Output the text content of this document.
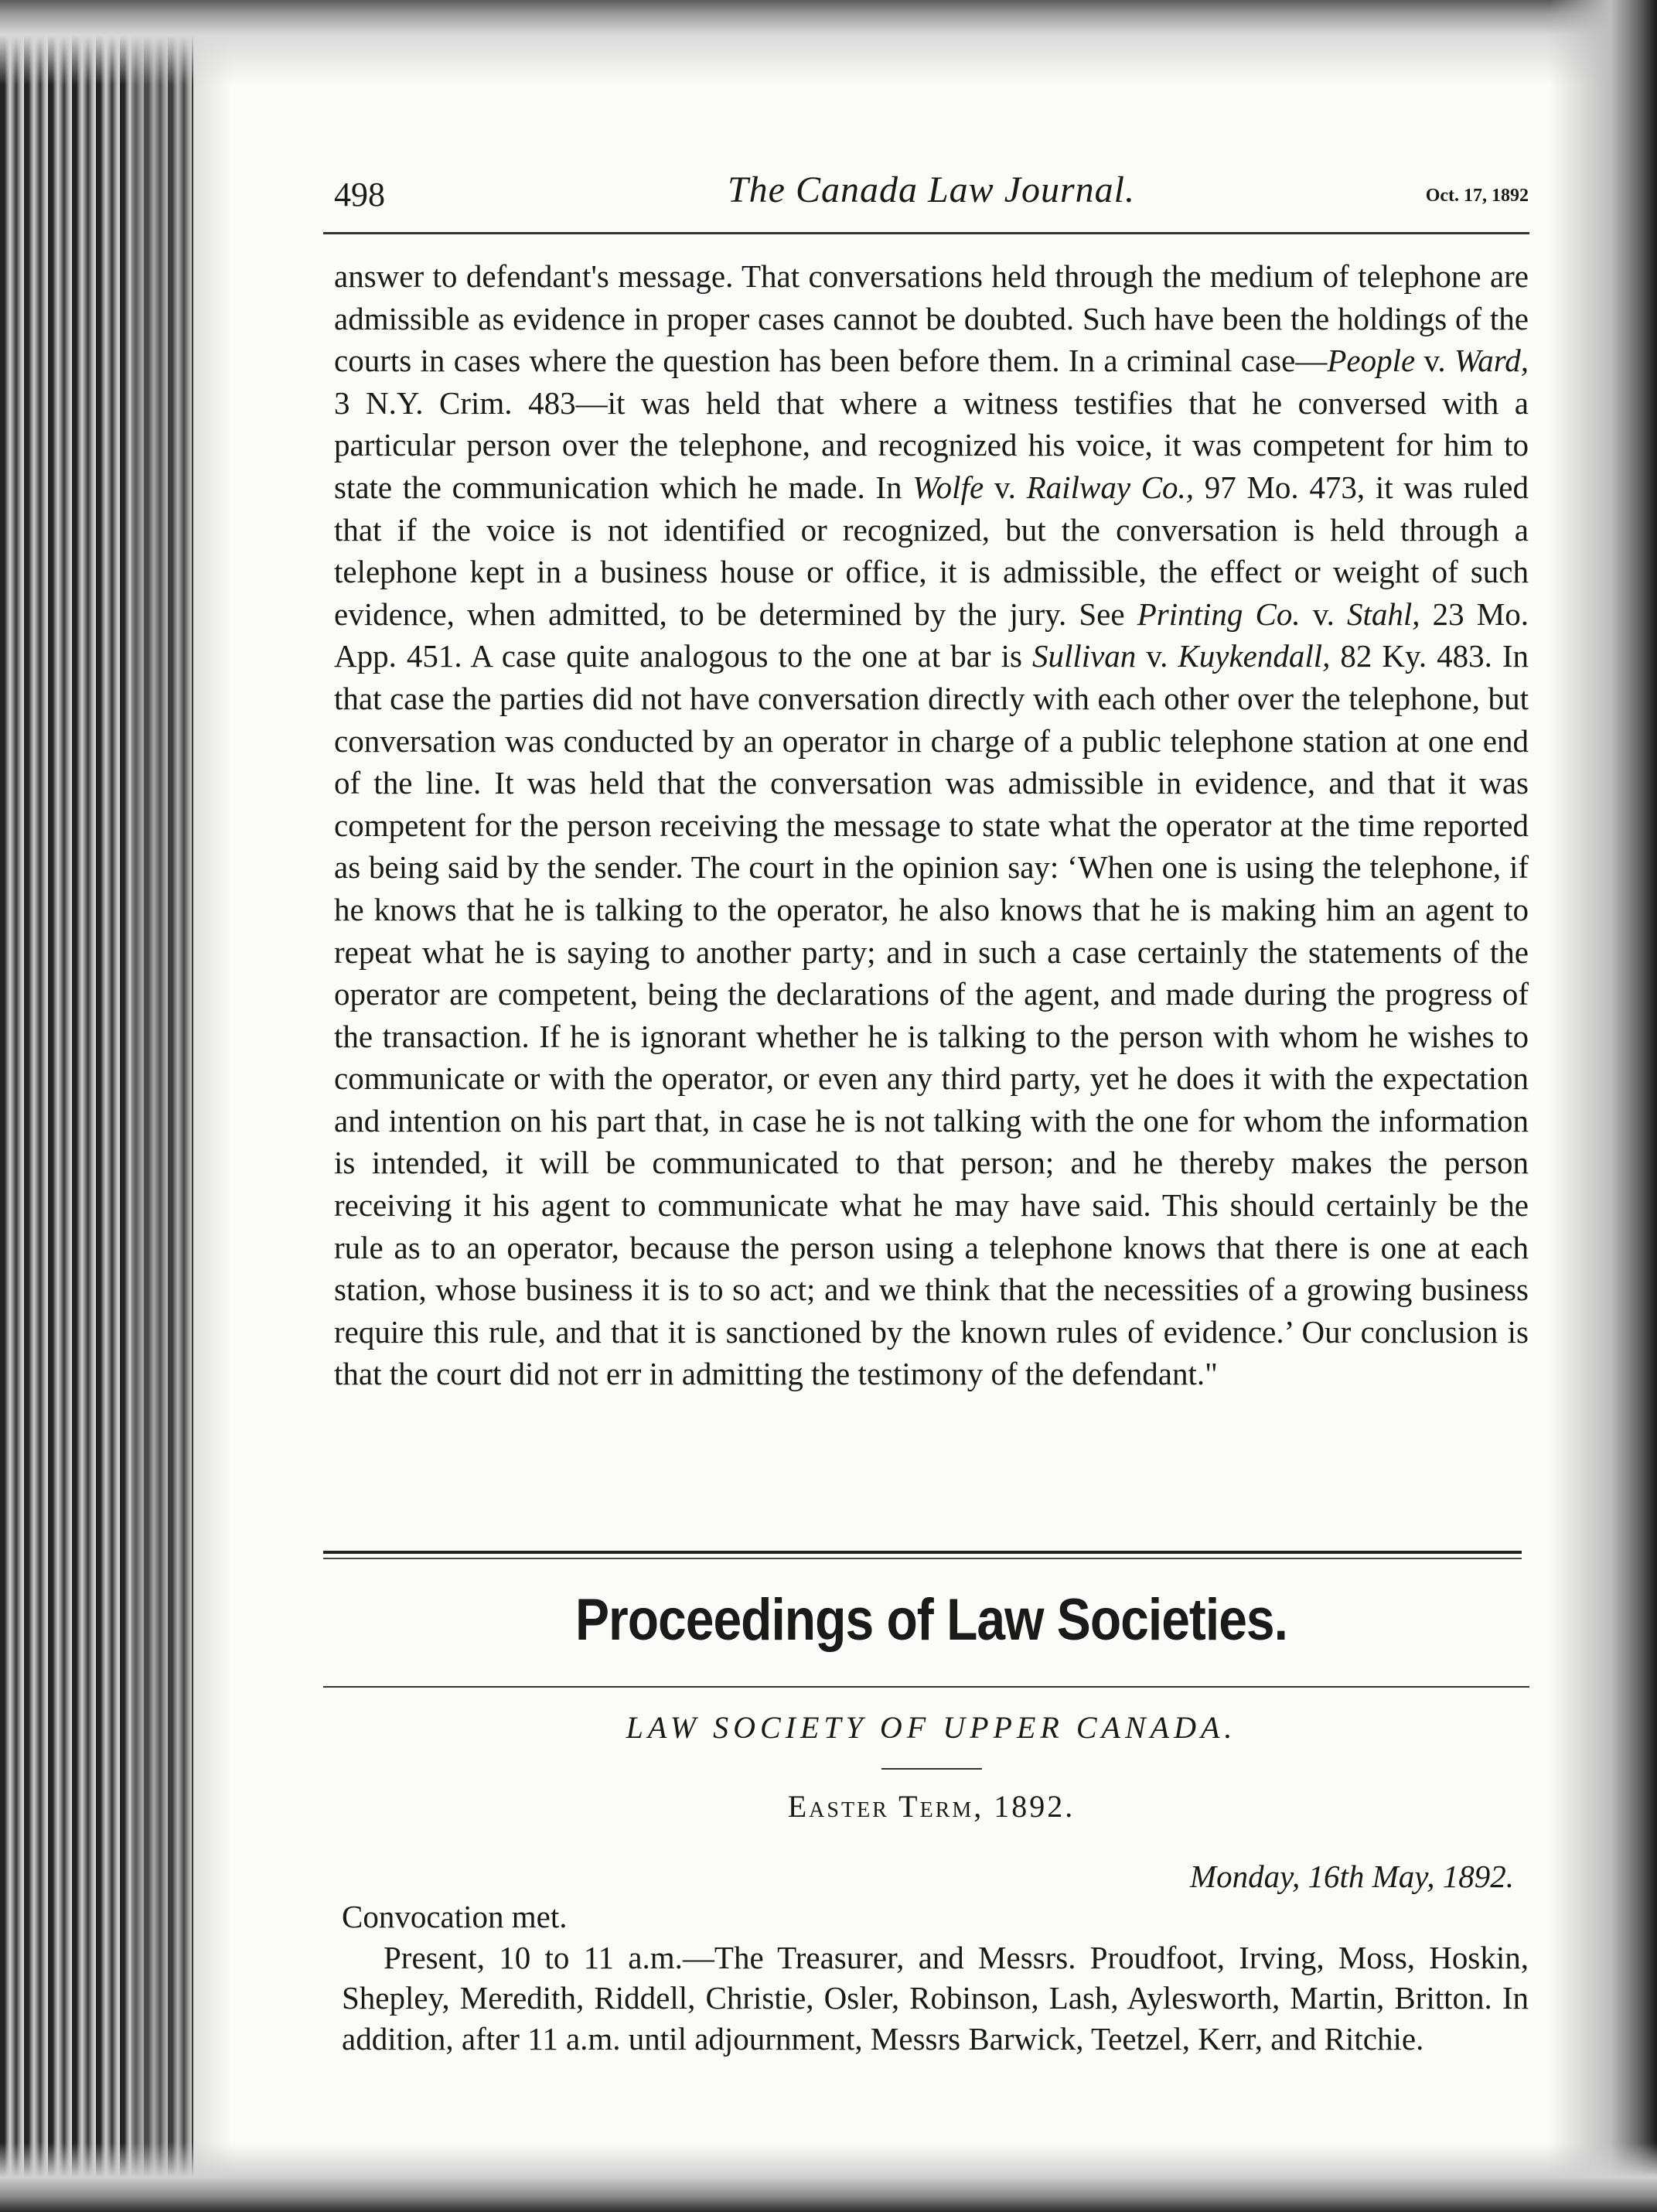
498	The Canada Law Journal.	Oct. 17, 1892

answer to defendant's message. That conversations held through the medium of telephone are admissible as evidence in proper cases cannot be doubted. Such have been the holdings of the courts in cases where the question has been before them. In a criminal case—People v. Ward, 3 N.Y. Crim. 483—it was held that where a witness testifies that he conversed with a particular person over the telephone, and recognized his voice, it was competent for him to state the communication which he made. In Wolfe v. Railway Co., 97 Mo. 473, it was ruled that if the voice is not identified or recognized, but the conversation is held through a telephone kept in a business house or office, it is admissible, the effect or weight of such evidence, when admitted, to be determined by the jury. See Printing Co. v. Stahl, 23 Mo. App. 451. A case quite analogous to the one at bar is Sullivan v. Kuykendall, 82 Ky. 483. In that case the parties did not have conversation directly with each other over the telephone, but conversation was conducted by an operator in charge of a public telephone station at one end of the line. It was held that the conversation was admissible in evidence, and that it was competent for the person receiving the message to state what the operator at the time reported as being said by the sender. The court in the opinion say: ‘When one is using the telephone, if he knows that he is talking to the operator, he also knows that he is making him an agent to repeat what he is saying to another party; and in such a case certainly the statements of the operator are competent, being the declarations of the agent, and made during the progress of the transaction. If he is ignorant whether he is talking to the person with whom he wishes to communicate or with the operator, or even any third party, yet he does it with the expectation and intention on his part that, in case he is not talking with the one for whom the information is intended, it will be communicated to that person; and he thereby makes the person receiving it his agent to communicate what he may have said. This should certainly be the rule as to an operator, because the person using a telephone knows that there is one at each station, whose business it is to so act; and we think that the necessities of a growing business require this rule, and that it is sanctioned by the known rules of evidence.’ Our conclusion is that the court did not err in admitting the testimony of the defendant."

Proceedings of Law Societies.
LAW SOCIETY OF UPPER CANADA.
Easter Term, 1892.
Monday, 16th May, 1892.

Convocation met.

Present, 10 to 11 a.m.—The Treasurer, and Messrs. Proudfoot, Irving, Moss, Hoskin, Shepley, Meredith, Riddell, Christie, Osler, Robinson, Lash, Aylesworth, Martin, Britton. In addition, after 11 a.m. until adjournment, Messrs Barwick, Teetzel, Kerr, and Ritchie.
